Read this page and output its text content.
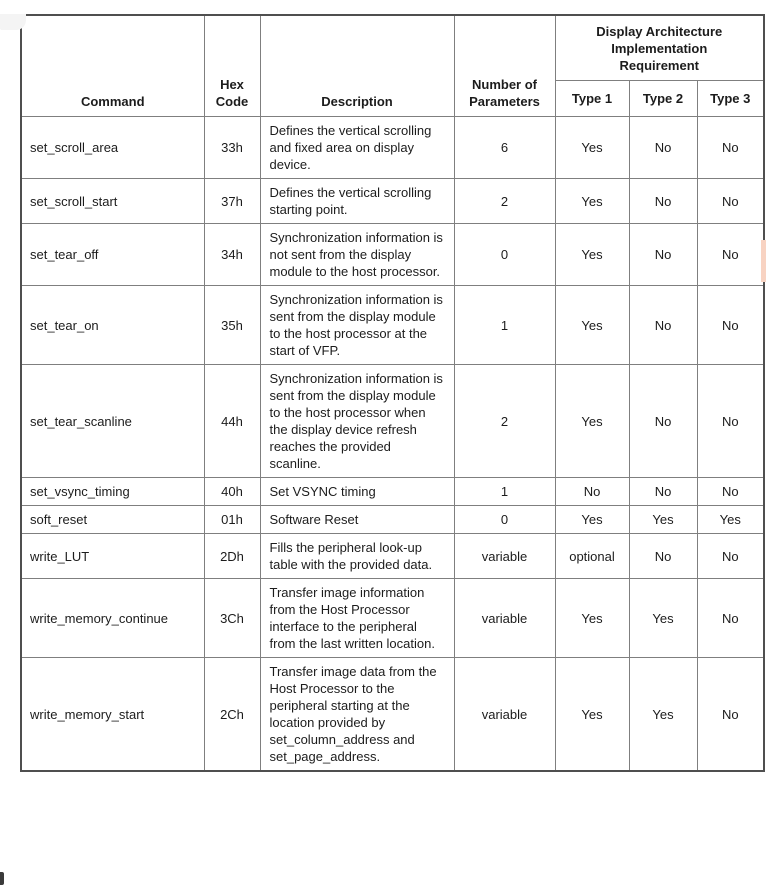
Command	Hex Code	Description	Number of Parameters	Display Architecture Implementation Requirement		
				Type 1	Type 2	Type 3
set_scroll_area	33h	Defines the vertical scrolling and fixed area on display device.	6	Yes	No	No
set_scroll_start	37h	Defines the vertical scrolling starting point.	2	Yes	No	No
set_tear_off	34h	Synchronization information is not sent from the display module to the host processor.	0	Yes	No	No
set_tear_on	35h	Synchronization information is sent from the display module to the host processor at the start of VFP.	1	Yes	No	No
set_tear_scanline	44h	Synchronization information is sent from the display module to the host processor when the display device refresh reaches the provided scanline.	2	Yes	No	No
set_vsync_timing	40h	Set VSYNC timing	1	No	No	No
soft_reset	01h	Software Reset	0	Yes	Yes	Yes
write_LUT	2Dh	Fills the peripheral look-up table with the provided data.	variable	optional	No	No
write_memory_continue	3Ch	Transfer image information from the Host Processor interface to the peripheral from the last written location.	variable	Yes	Yes	No
write_memory_start	2Ch	Transfer image data from the Host Processor to the peripheral starting at the location provided by set_column_address and set_page_address.	variable	Yes	Yes	No
